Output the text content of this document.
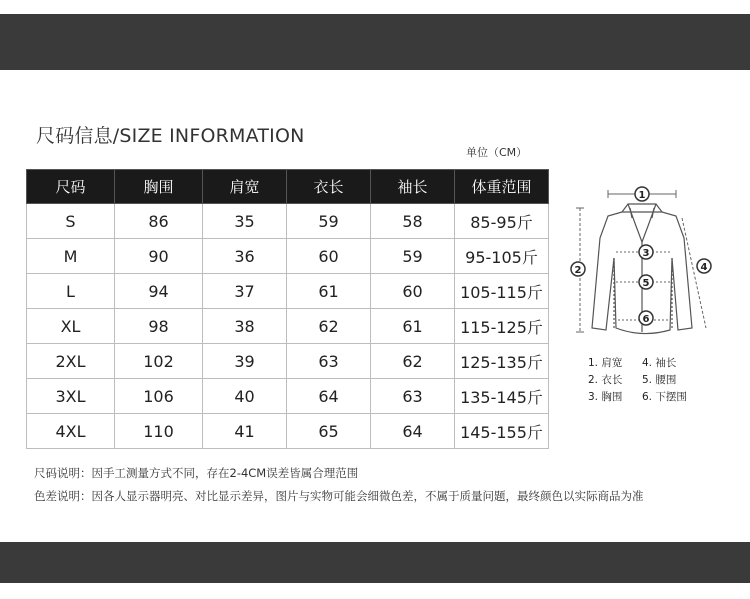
尺码信息/SIZE INFORMATION
单位（CM）
尺码	胸围	肩宽	衣长	袖长	体重范围
S	86	35	59	58	85-95斤
M	90	36	60	59	95-105斤
L	94	37	61	60	105-115斤
XL	98	38	62	61	115-125斤
2XL	102	39	63	62	125-135斤
3XL	106	40	64	63	135-145斤
4XL	110	41	65	64	145-155斤
1
2
3
4
5
6
1. 肩宽	4. 袖长
2. 衣长	5. 腰围
3. 胸围	6. 下摆围
尺码说明：因手工测量方式不同，存在2-4CM误差皆属合理范围
色差说明：因各人显示器明亮、对比显示差异，图片与实物可能会细微色差，不属于质量问题，最终颜色以实际商品为准
